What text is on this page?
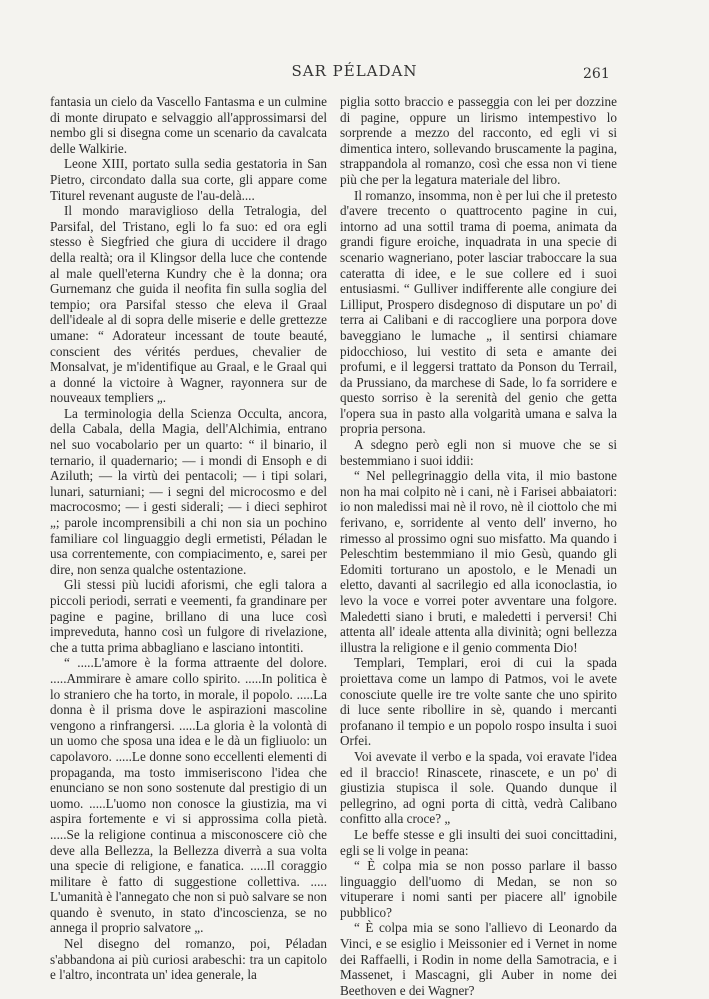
SAR PÉLADAN	261

fantasia un cielo da Vascello Fantasma e un culmine di monte dirupato e selvaggio all'approssimarsi del nembo gli si disegna come un scenario da cavalcata delle Walkirie.

Leone XIII, portato sulla sedia gestatoria in San Pietro, circondato dalla sua corte, gli appare come Titurel revenant auguste de l'au-delà....

Il mondo maraviglioso della Tetralogia, del Parsifal, del Tristano, egli lo fa suo: ed ora egli stesso è Siegfried che giura di uccidere il drago della realtà; ora il Klingsor della luce che contende al male quell'eterna Kundry che è la donna; ora Gurnemanz che guida il neofita fin sulla soglia del tempio; ora Parsifal stesso che eleva il Graal dell'ideale al di sopra delle miserie e delle grettezze umane: “ Adorateur incessant de toute beauté, conscient des vérités perdues, chevalier de Monsalvat, je m'identifique au Graal, e le Graal qui a donné la victoire à Wagner, rayonnera sur de nouveaux templiers „.

La terminologia della Scienza Occulta, ancora, della Cabala, della Magia, dell'Alchimia, entrano nel suo vocabolario per un quarto: “ il binario, il ternario, il quadernario; — i mondi di Ensoph e di Aziluth; — la virtù dei pentacoli; — i tipi solari, lunari, saturniani; — i segni del microcosmo e del macrocosmo; — i gesti siderali; — i dieci sephirot „; parole incomprensibili a chi non sia un pochino familiare col linguaggio degli ermetisti, Péladan le usa correntemente, con compiacimento, e, sarei per dire, non senza qualche ostentazione.

Gli stessi più lucidi aforismi, che egli talora a piccoli periodi, serrati e veementi, fa grandinare per pagine e pagine, brillano di una luce così impreveduta, hanno così un fulgore di rivelazione, che a tutta prima abbagliano e lasciano intontiti.

“ .....L'amore è la forma attraente del dolore. .....Ammirare è amare collo spirito. .....In politica è lo straniero che ha torto, in morale, il popolo. .....La donna è il prisma dove le aspirazioni mascoline vengono a rinfrangersi. .....La gloria è la volontà di un uomo che sposa una idea e le dà un figliuolo: un capolavoro. .....Le donne sono eccellenti elementi di propaganda, ma tosto immiseriscono l'idea che enunciano se non sono sostenute dal prestigio di un uomo. .....L'uomo non conosce la giustizia, ma vi aspira fortemente e vi si approssima colla pietà. .....Se la religione continua a misconoscere ciò che deve alla Bellezza, la Bellezza diverrà a sua volta una specie di religione, e fanatica. .....Il coraggio militare è fatto di suggestione collettiva. ..... L'umanità è l'annegato che non si può salvare se non quando è svenuto, in stato d'incoscienza, se no annega il proprio salvatore „.

Nel disegno del romanzo, poi, Péladan s'abbandona ai più curiosi arabeschi: tra un capitolo e l'altro, incontrata un' idea generale, la

piglia sotto braccio e passeggia con lei per dozzine di pagine, oppure un lirismo intempestivo lo sorprende a mezzo del racconto, ed egli vi si dimentica intero, sollevando bruscamente la pagina, strappandola al romanzo, così che essa non vi tiene più che per la legatura materiale del libro.

Il romanzo, insomma, non è per lui che il pretesto d'avere trecento o quattrocento pagine in cui, intorno ad una sottil trama di poema, animata da grandi figure eroiche, inquadrata in una specie di scenario wagneriano, poter lasciar traboccare la sua cateratta di idee, e le sue collere ed i suoi entusiasmi. “ Gulliver indifferente alle congiure dei Lilliput, Prospero disdegnoso di disputare un po' di terra ai Calibani e di raccogliere una porpora dove baveggiano le lumache „ il sentirsi chiamare pidocchioso, lui vestito di seta e amante dei profumi, e il leggersi trattato da Ponson du Terrail, da Prussiano, da marchese di Sade, lo fa sorridere e questo sorriso è la serenità del genio che getta l'opera sua in pasto alla volgarità umana e salva la propria persona.

A sdegno però egli non si muove che se si bestemmiano i suoi iddii:

“ Nel pellegrinaggio della vita, il mio bastone non ha mai colpito nè i cani, nè i Farisei abbaiatori: io non maledissi mai nè il rovo, nè il ciottolo che mi ferivano, e, sorridente al vento dell' inverno, ho rimesso al prossimo ogni suo misfatto. Ma quando i Peleschtim bestemmiano il mio Gesù, quando gli Edomiti torturano un apostolo, e le Menadi un eletto, davanti al sacrilegio ed alla iconoclastia, io levo la voce e vorrei poter avventare una folgore. Maledetti siano i bruti, e maledetti i perversi! Chi attenta all' ideale attenta alla divinità; ogni bellezza illustra la religione e il genio commenta Dio!

Templari, Templari, eroi di cui la spada proiettava come un lampo di Patmos, voi le avete conosciute quelle ire tre volte sante che uno spirito di luce sente ribollire in sè, quando i mercanti profanano il tempio e un popolo rospo insulta i suoi Orfei.

Voi avevate il verbo e la spada, voi eravate l'idea ed il braccio! Rinascete, rinascete, e un po' di giustizia stupisca il sole. Quando dunque il pellegrino, ad ogni porta di città, vedrà Calibano confitto alla croce? „

Le beffe stesse e gli insulti dei suoi concittadini, egli se li volge in peana:

“ È colpa mia se non posso parlare il basso linguaggio dell'uomo di Medan, se non so vituperare i nomi santi per piacere all' ignobile pubblico?

“ È colpa mia se sono l'allievo di Leonardo da Vinci, e se esiglio i Meissonier ed i Vernet in nome dei Raffaelli, i Rodin in nome della Samotracia, e i Massenet, i Mascagni, gli Auber in nome dei Beethoven e dei Wagner?
